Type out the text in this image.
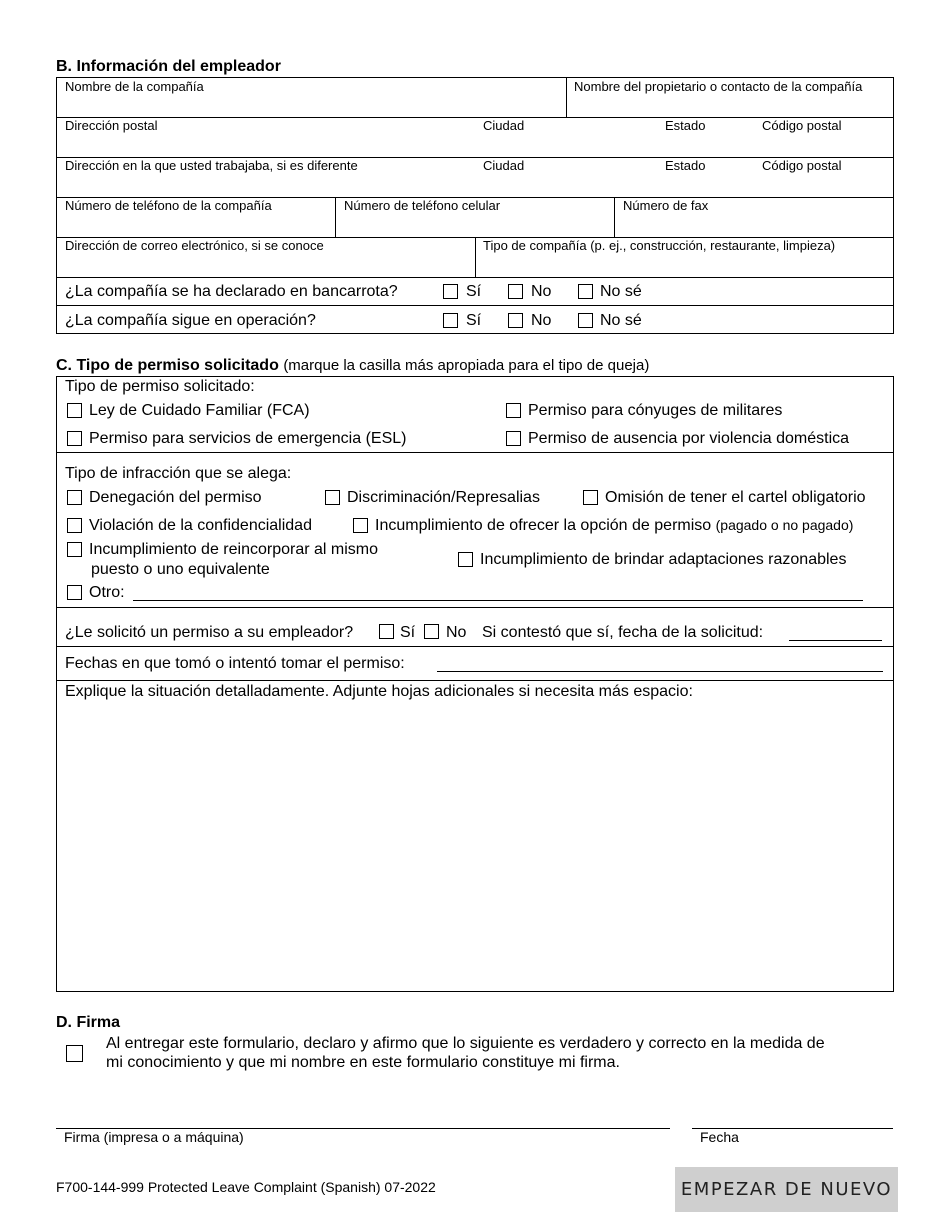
B. Información del empleador
Nombre de la compañía	Nombre del propietario o contacto de la compañía
Dirección postal	Ciudad	Estado	Código postal
Dirección en la que usted trabajaba, si es diferente	Ciudad	Estado	Código postal
Número de teléfono de la compañía	Número de teléfono celular	Número de fax
Dirección de correo electrónico, si se conoce	Tipo de compañía (p. ej., construcción, restaurante, limpieza)
¿La compañía se ha declarado en bancarrota?	Sí	No	No sé
¿La compañía sigue en operación?	Sí	No	No sé
C. Tipo de permiso solicitado (marque la casilla más apropiada para el tipo de queja)
Tipo de permiso solicitado:
Ley de Cuidado Familiar (FCA)	Permiso para cónyuges de militares
Permiso para servicios de emergencia (ESL)	Permiso de ausencia por violencia doméstica
Tipo de infracción que se alega:
Denegación del permiso	Discriminación/Represalias	Omisión de tener el cartel obligatorio
Violación de la confidencialidad	Incumplimiento de ofrecer la opción de permiso (pagado o no pagado)
Incumplimiento de reincorporar al mismo
puesto o uno equivalente
Incumplimiento de brindar adaptaciones razonables
Otro:
¿Le solicitó un permiso a su empleador?	Sí No Si contestó que sí, fecha de la solicitud:
Fechas en que tomó o intentó tomar el permiso:
Explique la situación detalladamente. Adjunte hojas adicionales si necesita más espacio:
D. Firma
Al entregar este formulario, declaro y afirmo que lo siguiente es verdadero y correcto en la medida de
mi conocimiento y que mi nombre en este formulario constituye mi firma.
Firma (impresa o a máquina)	Fecha
F700-144-999 Protected Leave Complaint (Spanish) 07-2022	EMPEZAR DE NUEVO
